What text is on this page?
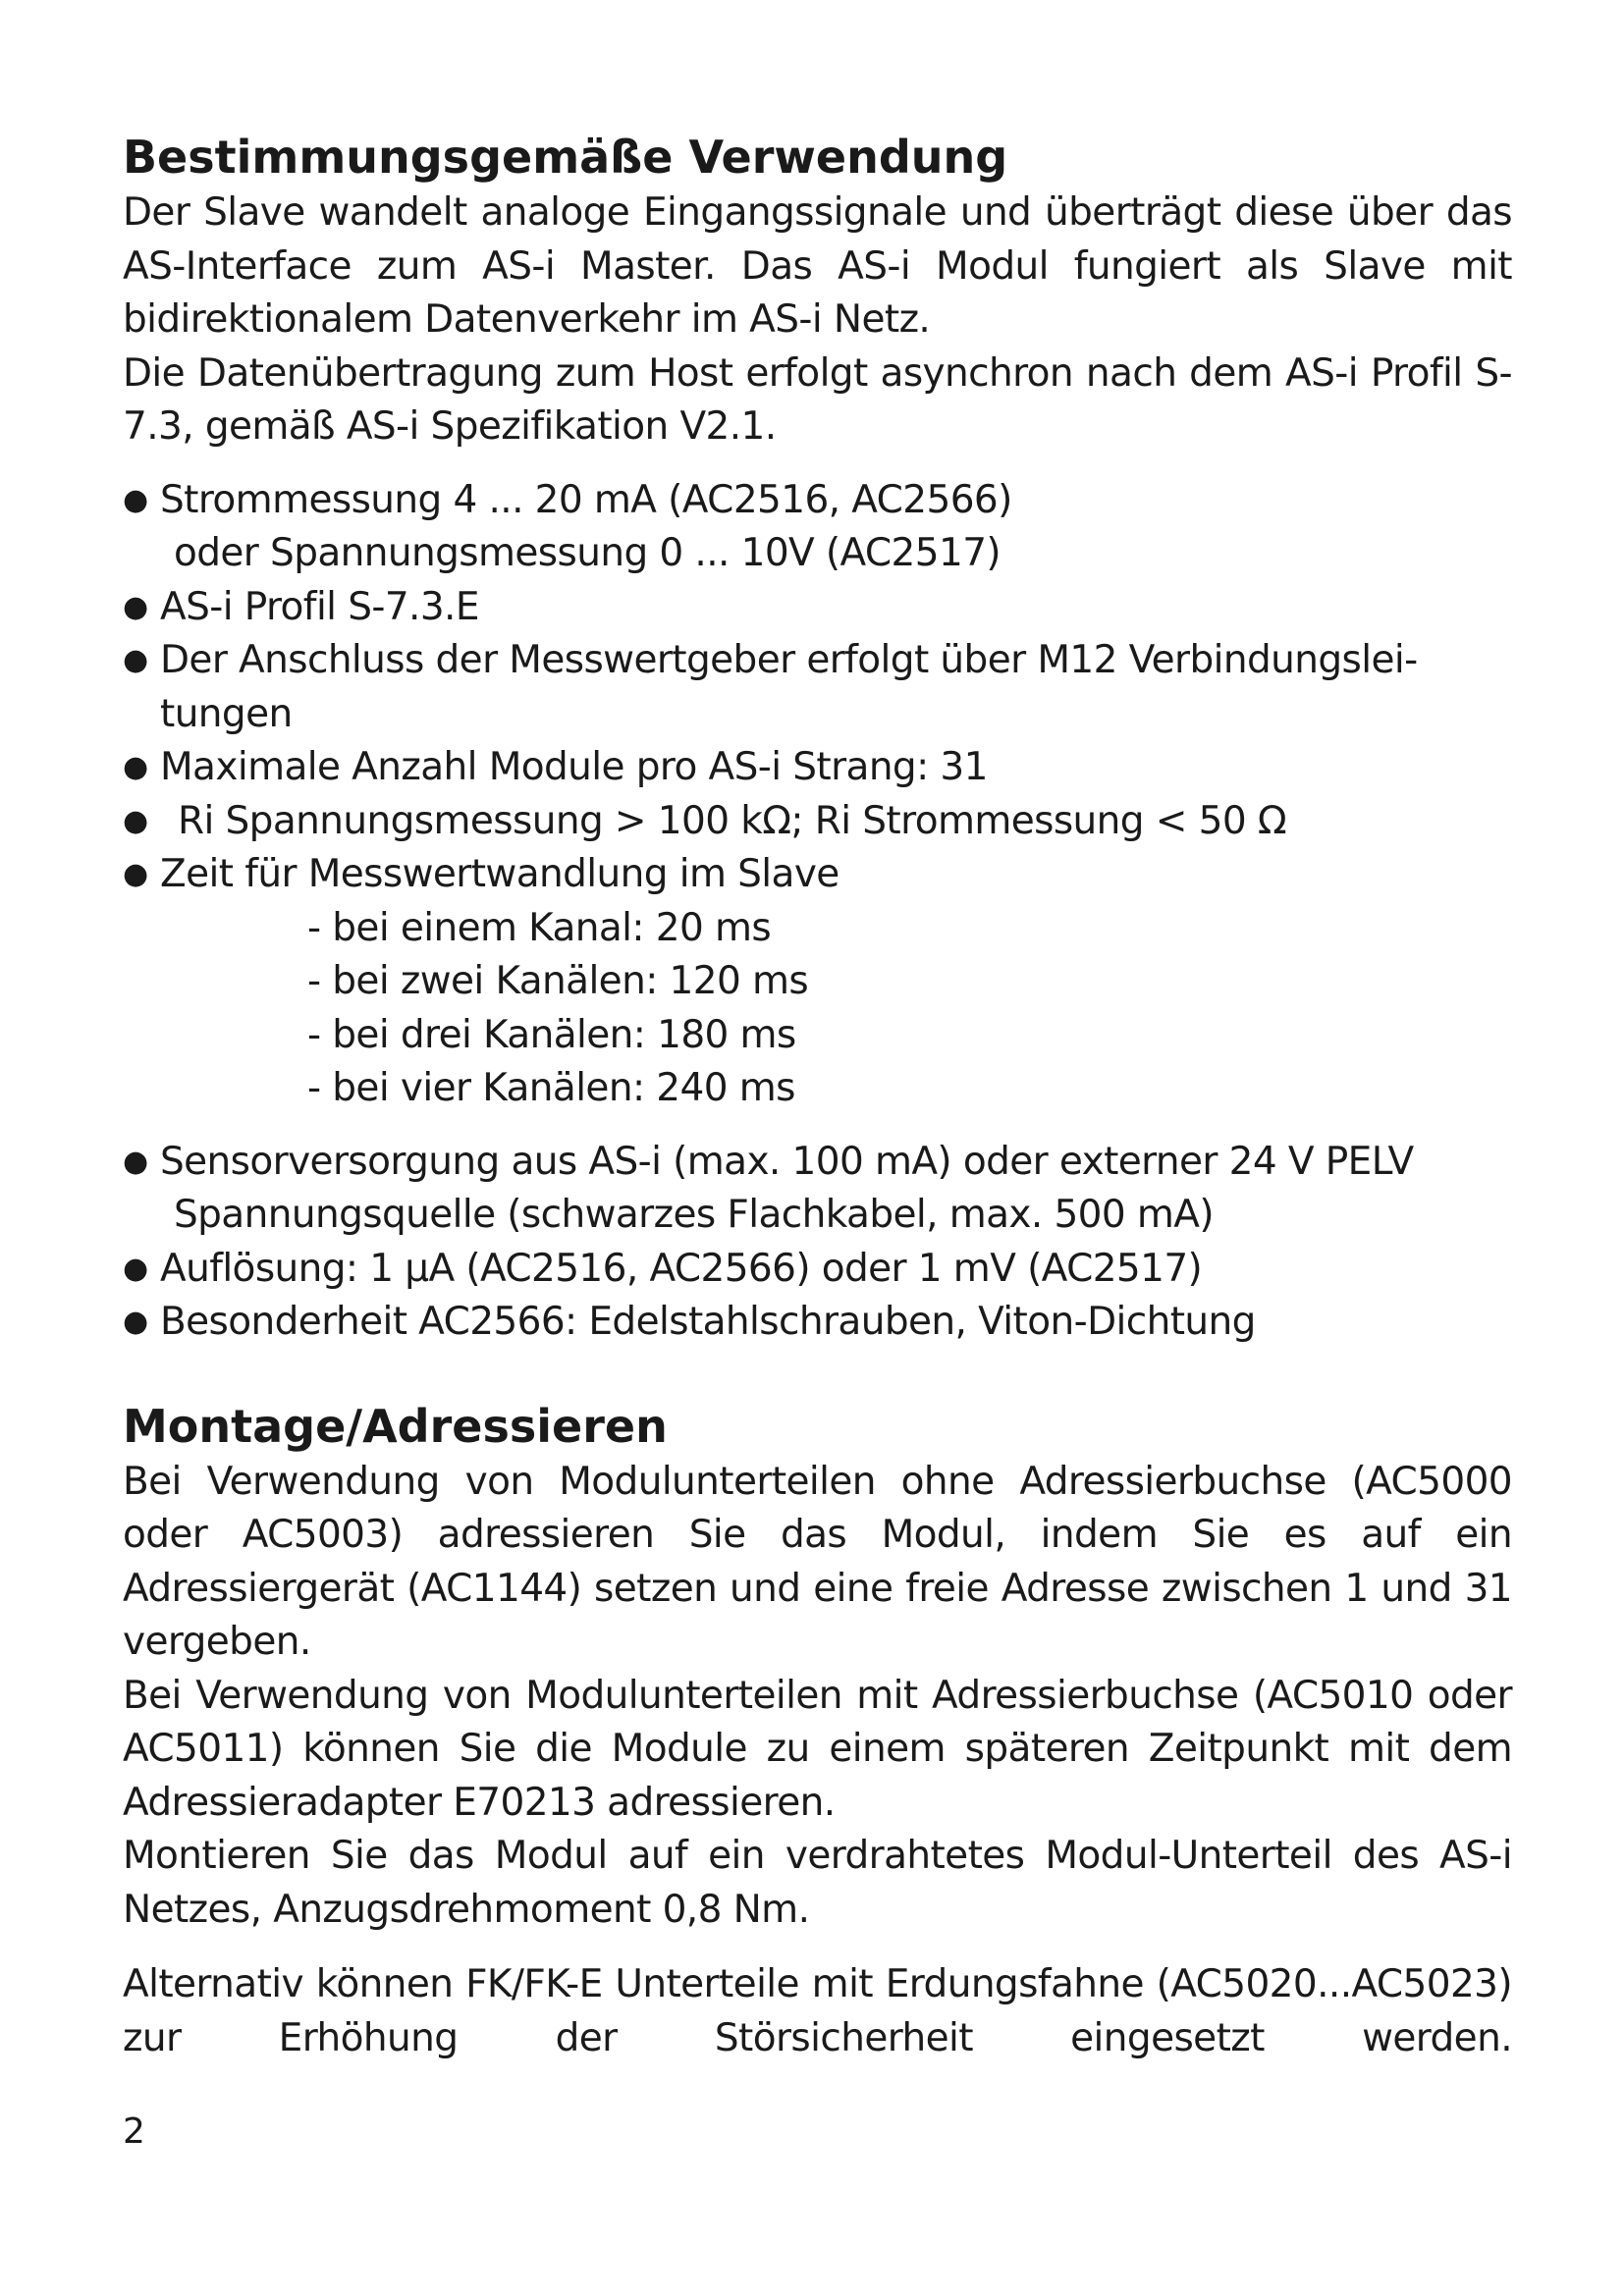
Bestimmungsgemäße Verwendung

Der Slave wandelt analoge Eingangssignale und überträgt diese über das AS-Interface zum AS-i Master. Das AS-i Modul fungiert als Slave mit bidirektionalem Datenverkehr im AS-i Netz.

Die Datenübertragung zum Host erfolgt asynchron nach dem AS-i Profil S-7.3, gemäß AS-i Spezifikation V2.1.

● Strommessung 4 ... 20 mA (AC2516, AC2566)
oder Spannungsmessung 0 ... 10V (AC2517)
● AS-i Profil S-7.3.E
● Der Anschluss der Messwertgeber erfolgt über M12 Verbindungsleitungen
● Maximale Anzahl Module pro AS-i Strang: 31
● Ri Spannungsmessung > 100 kΩ; Ri Strommessung < 50 Ω
● Zeit für Messwertwandlung im Slave
- bei einem Kanal: 20 ms
- bei zwei Kanälen: 120 ms
- bei drei Kanälen: 180 ms
- bei vier Kanälen: 240 ms
● Sensorversorgung aus AS-i (max. 100 mA) oder externer 24 V PELV
Spannungsquelle (schwarzes Flachkabel, max. 500 mA)
● Auflösung: 1 µA (AC2516, AC2566) oder 1 mV (AC2517)
● Besonderheit AC2566: Edelstahlschrauben, Viton-Dichtung
Montage/Adressieren

Bei Verwendung von Modulunterteilen ohne Adressierbuchse (AC5000 oder AC5003) adressieren Sie das Modul, indem Sie es auf ein Adressiergerät (AC1144) setzen und eine freie Adresse zwischen 1 und 31 vergeben.

Bei Verwendung von Modulunterteilen mit Adressierbuchse (AC5010 oder AC5011) können Sie die Module zu einem späteren Zeitpunkt mit dem Adressieradapter E70213 adressieren.

Montieren Sie das Modul auf ein verdrahtetes Modul-Unterteil des AS-i Netzes, Anzugsdrehmoment 0,8 Nm.

Alternativ können FK/FK-E Unterteile mit Erdungsfahne (AC5020...AC5023) zur Erhöhung der Störsicherheit eingesetzt werden.

2
